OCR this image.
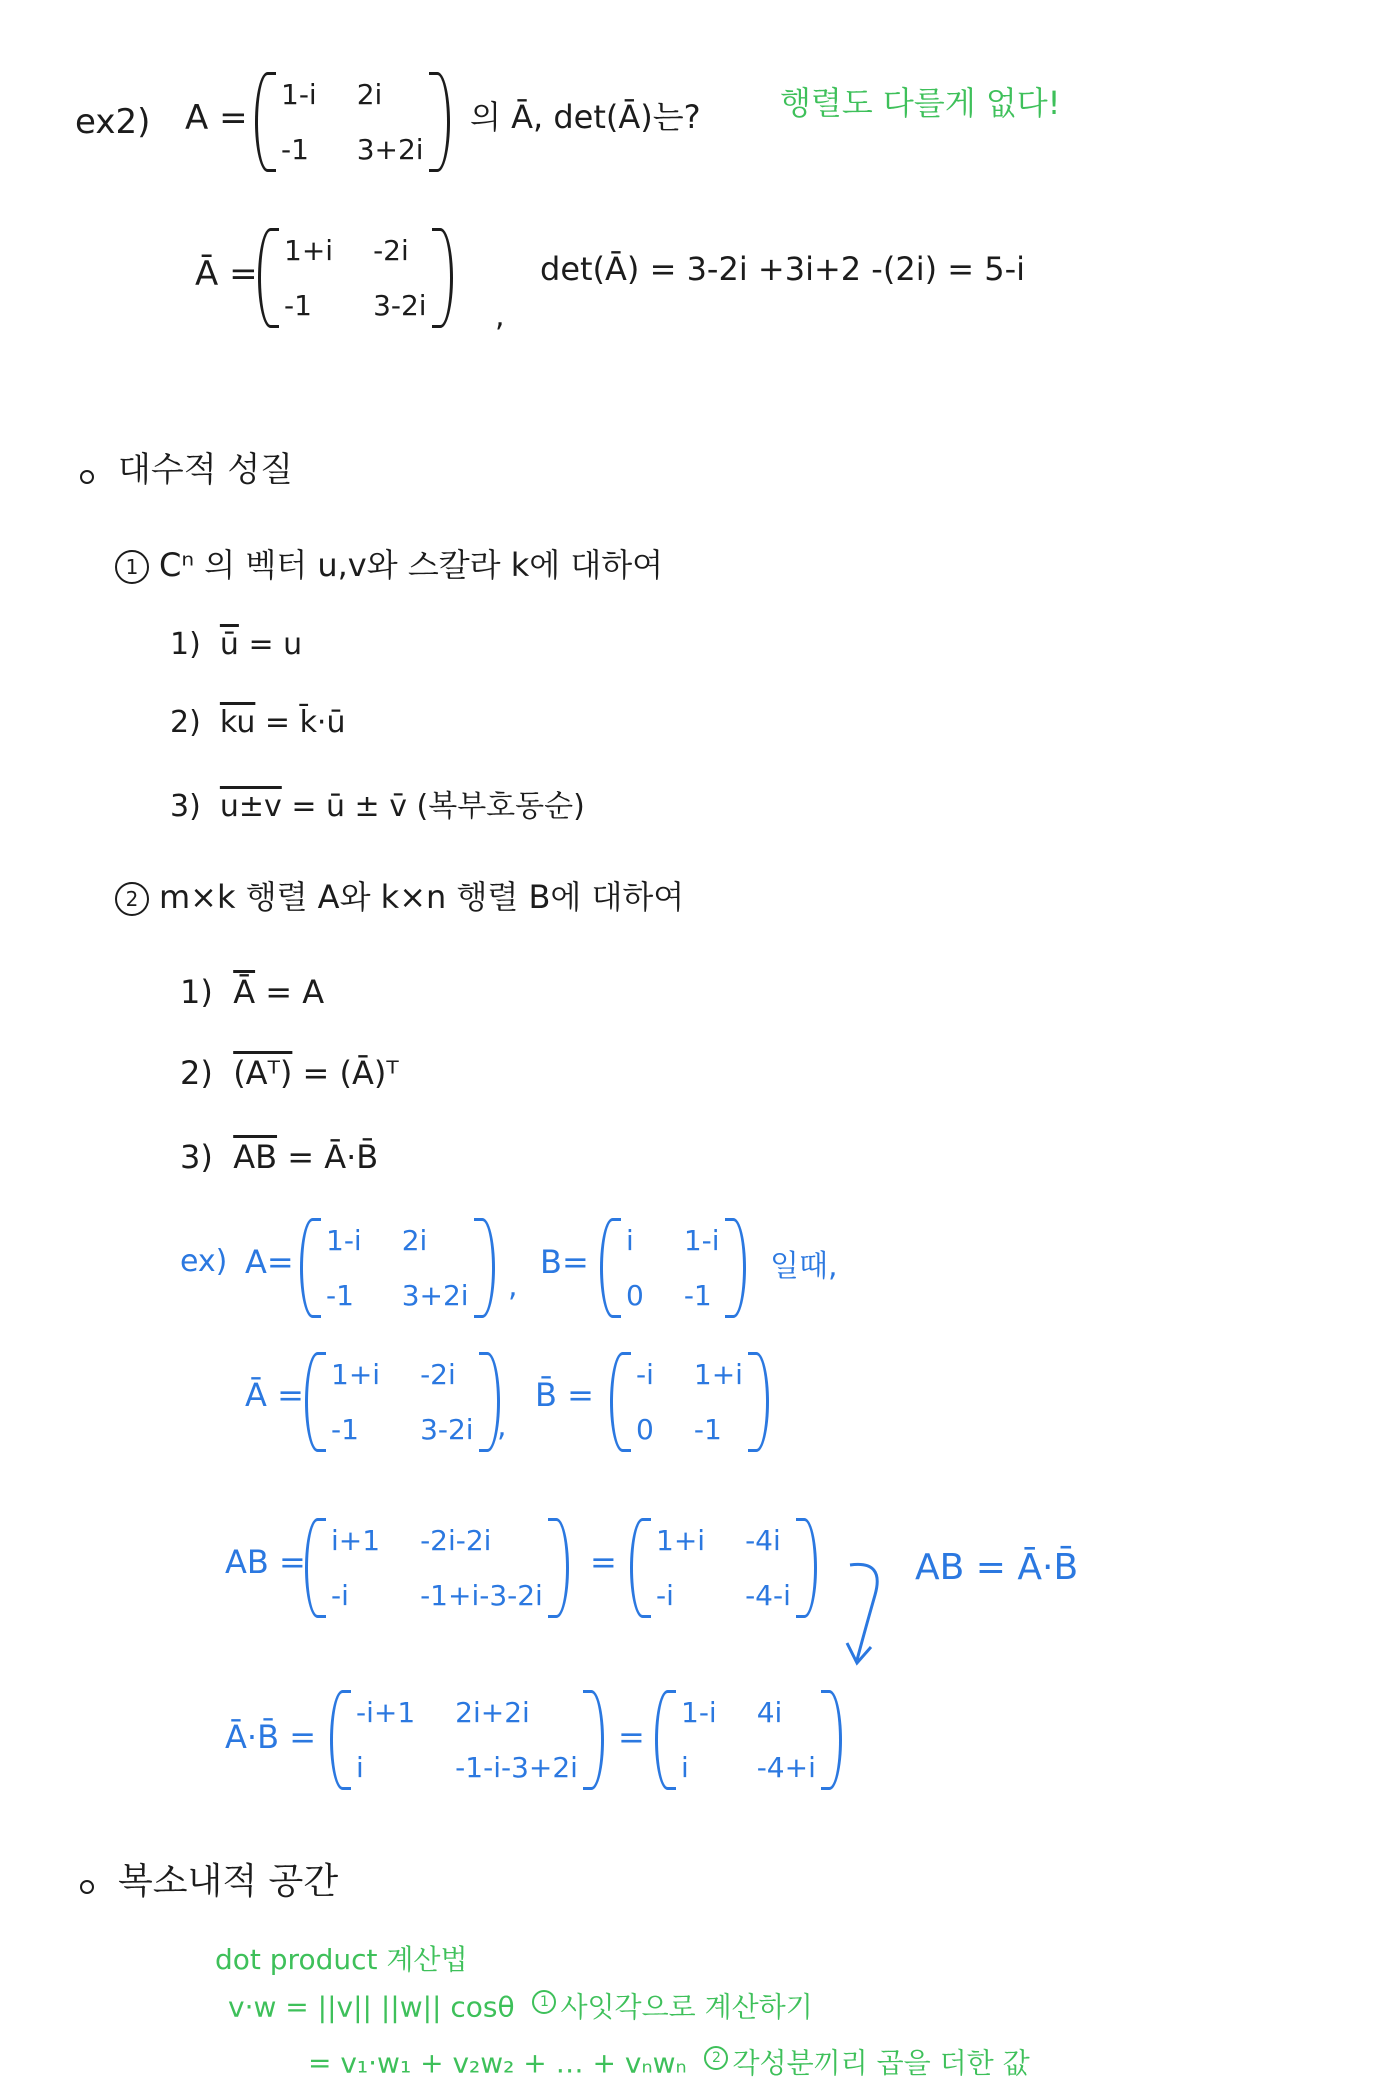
ex2) A =
1-i 2i
-1 3+2i
의 Ā, det(Ā)는? 행렬도 다를게 없다!
Ā =
1+i -2i
-1	3-2i ,
det(Ā) = 3-2i +3i+2 -(2i) = 5-i
대수적 성질
1 Cⁿ 의 벡터 u,v와 스칼라 k에 대하여
1) $\overline{ū} = u$
2) $\overline{ku}$ = k̄·ū
3) u±v = ū ± v̄ (복부호동순)
2 m×k 행렬 A와 k×n 행렬 B에 대하여
1) $\overline{Ā} = A$
2) (Aᵀ) = (Ā)ᵀ
3) $\overline{AB}$ = Ā·B̄
ex) A=
1-i 2i
-1 3+2i ,
B=
i	1-i
0 -1
일때,
Ā =
1+i -2i
-1	3-2i ,
B̄ =
-i 1+i
0 -1
AB =
i+1 -2i-2i
-i	-1+i-3-2i
=
1+i -4i
-i	-4-i
AB = Ā·B̄
Ā·B̄ =
-i+1 2i+2i
i	-1-i-3+2i
=
1-i 4i
i	-4+i
복소내적 공간
dot product 계산법
v·w = ||v|| ||w|| cosθ 1 사잇각으로 계산하기
= v₁·w₁ + v₂w₂ + … + vₙwₙ 2 각성분끼리 곱을 더한 값
